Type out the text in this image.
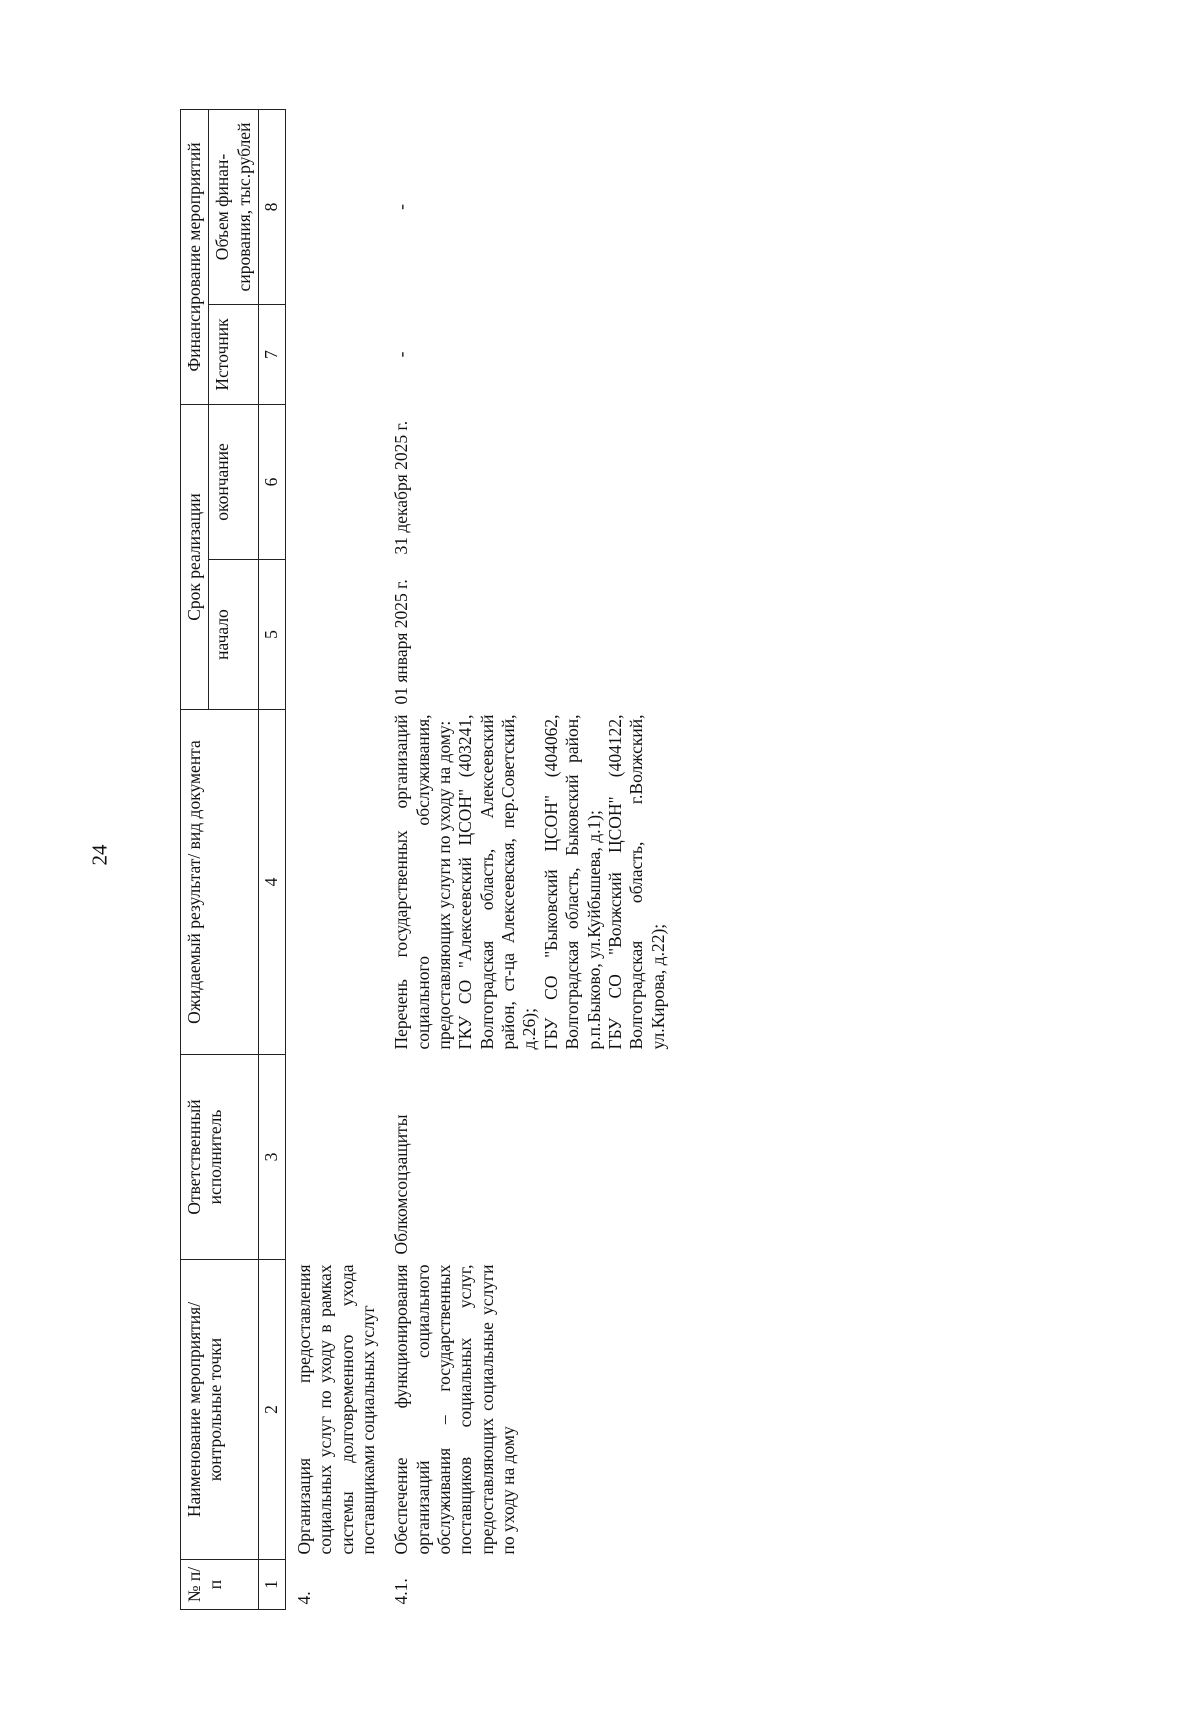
24
№ п/п	Наименование мероприятия/ контрольные точки	Ответственный исполнитель	Ожидаемый результат/ вид документа	Срок реализации		Финансирование мероприятий	
				начало	окончание	Источник	Объем финан-сирования, тыс.рублей
1	2	3	4	5	6	7	8
4.	Организация предоставления социальных услуг по уходу в рамках системы долговременного ухода поставщиками социальных услуг						
4.1.	Обеспечение функционирования организаций социального обслуживания – государственных поставщиков социальных услуг, предоставляющих социальные услуги по уходу на дому	Облкомсоцзащиты	Перечень государственных организаций социального обслуживания, предоставляющих услуги по уходу на дому: ГКУ СО "Алексеевский ЦСОН" (403241, Волгоградская область, Алексеевский район, ст-ца Алексеевская, пер.Советский, д.26); ГБУ СО "Быковский ЦСОН" (404062, Волгоградская область, Быковский район, р.п.Быково, ул.Куйбышева, д.1); ГБУ СО "Волжский ЦСОН" (404122, Волгоградская область, г.Волжский, ул.Кирова, д.22);	01 января 2025 г.	31 декабря 2025 г.	-	-
